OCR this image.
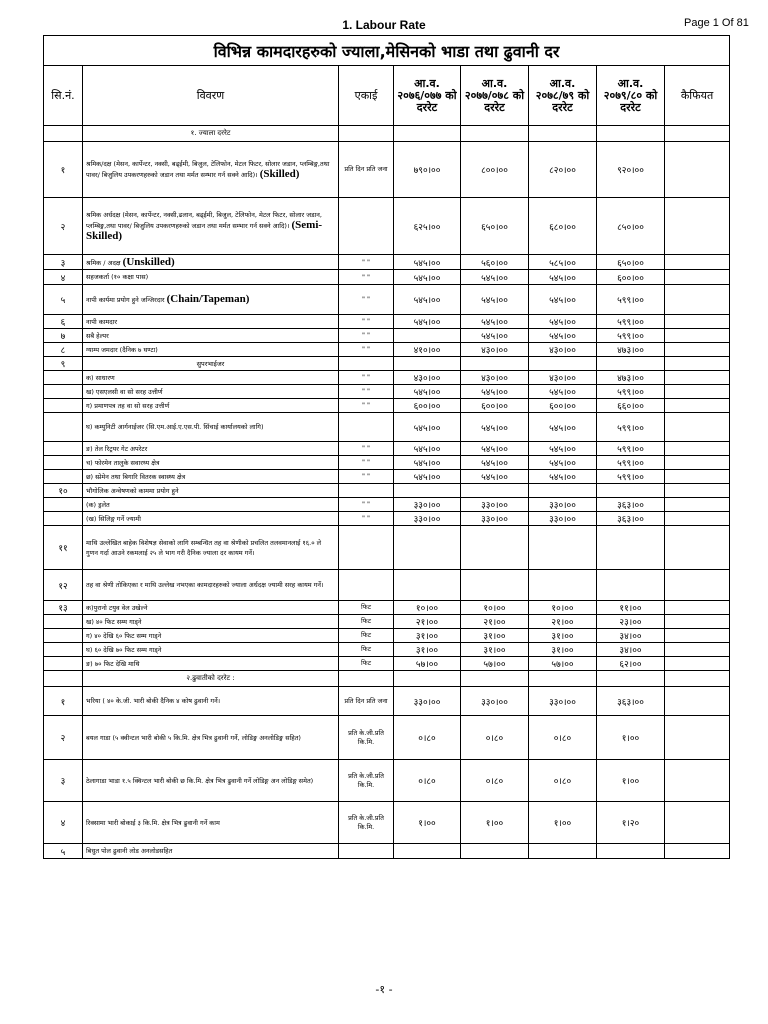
1. Labour Rate	Page 1 Of 81
विभिन्न कामदारहरुको ज्याला,मेसिनको भाडा तथा ढुवानी दर							
सि.नं.	विवरण	एकाई	आ.व. २०७६/०७७ को दररेट	आ.व. २०७७/०७८ को दररेट	आ.व. २०७८/७९ को दररेट	आ.व. २०७९/८० को दररेट	कैफियत
	१. ज्याला दररेट						
१	श्रमिक/दक्ष (मेसन, कार्पेन्टर, नक्सी, बढ्‍ईमी, बिजुल, टेलिफोन, मेटल फिटर, सोलार जडान, प्लम्बिङ्ग,तथा पावर/ बिजुलिय उपकरणहरुको जडान तथा मर्मत सम्भार गर्न सक्ने आदि)। (Skilled)	प्रति दिन प्रति जना	७९०।००	८००।००	८२०।००	९२०।००	
२	श्रमिक अर्धदक्ष (मेसन, कार्पेन्टर, नक्सी,ढलान, बढ्‍ईमी, बिजुल, टेलिफोन, मेटल फिटर, सोलार जडान, प्लम्बिङ्ग,तथा पावर/ बिजुलिय उपकरणहरुको जडान तथा मर्मत सम्भार गर्न सक्ने आदि)। (Semi-Skilled)		६२५।००	६५०।००	६८०।००	८५०।००	
३	श्रमिक / अदक्ष (Unskilled)	" "	५४५।००	५६०।००	५८५।००	६५०।००	
४	सहजकर्ता (१० कक्षा पास)	" "	५४५।००	५४५।००	५४५।००	६००।००	
५	नापी कार्यमा प्रयोग हुने जन्जिरदार (Chain/Tapeman)	" "	५४५।००	५४५।००	५४५।००	५९९।००	
६	नापी कामदार	" "	५४५।००	५४५।००	५४५।००	५९९।००	
७	सबै हेल्पर	" "		५४५।००	५४५।००	५९९।००	
८	ग्याम्प जमदार (दैनिक ७ घण्टा)	" "	४१०।००	४३०।००	४३०।००	४७३।००	
९	सुपरभाईजर						
	क) साधारण	" "	४३०।००	४३०।००	४३०।००	४७३।००	
	ख) एसएलसी वा सो सरह उत्तीर्ण	" "	५४५।००	५४५।००	५४५।००	५९९।००	
	ग) प्रमाणपत्र तह वा सो सरह उत्तीर्ण	" "	६००।००	६००।००	६००।००	६६०।००	
	घ) कम्युनिटी आर्गनाईजर (सि.एम.आई.ए.एस.पी. सिंचाई कार्यालयको लागि)		५४५।००	५४५।००	५४५।००	५९९।००	
	ङ) तेल रिट्रयर गेट अपरेटर	" "	५४५।००	५४५।००	५४५।००	५९९।००	
	च) फोरमेन तालुके सवारथ्य क्षेत्र	" "	५४५।००	५४५।००	५४५।००	५९९।००	
	छ) स्प्रेमेन तथा बिगारि वितरक स्वास्थ्य क्षेत्र	" "	५४५।००	५४५।००	५४५।००	५९९।००	
१०	भौगोलिक अन्वेषणको काममा प्रयोग हुने						
	(क) ड्रलेत	" "	३३०।००	३३०।००	३३०।००	३६३।००	
	(ख) सिलिङ्ग गर्ने ज्यामी	" "	३३०।००	३३०।००	३३०।००	३६३।००	
११	माथि उल्लेखित बाहेक विशेषज्ञ सेवाको लागि सम्बन्धित तह वा श्रेणीको प्रचलित तलवमानलाई १६.० ले गुणन गर्दा आउने रकमलाई २५ ले भाग गरी दैनिक ज्याला दर कायम गर्ने।						
१२	तह वा श्रेणी तोकिएका र माथि उल्लेख नभएका कामदारहरुको ज्याला अर्धदक्ष ज्यामी सरह कायम गर्ने।						
१३	क)पुरानो टयुव वेल उखेल्ने	फिट	१०।००	१०।००	१०।००	११।००	
	ख) ४० फिट सम्म गाड्ने	फिट	२१।००	२१।००	२१।००	२३।००	
	ग) ४० देखि ६० फिट सम्म गाड्ने	फिट	३१।००	३१।००	३१।००	३४।००	
	घ) ६० देखि ७० फिट सम्म गाड्ने	फिट	३१।००	३१।००	३१।००	३४।००	
	ङ) ७० फिट देखि माथि	फिट	५७।००	५७।००	५७।००	६२।००	
	२.ढुवातीको दररेट :						
१	भरिया ( ४० के.जी. भारी बोकी दैनिक ४ कोष ढुवानी गर्ने।	प्रति दिन प्रति जना	३३०।००	३३०।००	३३०।००	३६३।००	
२	बयल गाडा (५ क्वीन्टल भारी बोकी ५ कि.मि. क्षेत्र भित्र ढुवानी गर्ने, लोडिङ्ग अनलोडिङ्ग सहित)	प्रति के.जी.प्रति कि.मि.	०।८०	०।८०	०।८०	१।००	
३	ठेलागाडा भाडा १.५ क्विन्टल भारी बोकी छ कि.मि. क्षेत्र भित्र ढुवानी गर्ने लोडिङ्ग अन लोडिङ्ग समेत)	प्रति के.जी.प्रति कि.मि.	०।८०	०।८०	०।८०	१।००	
४	रिक्सामा भारी बोकाई ३ कि.मि. क्षेत्र भित्र ढुवानी गर्ने काम	प्रति के.जी.प्रति कि.मि.	१।००	१।००	१।००	१।२०	
५	बिधुत पोल ढुवानी लोड अनलोडसहित						
-१ -
